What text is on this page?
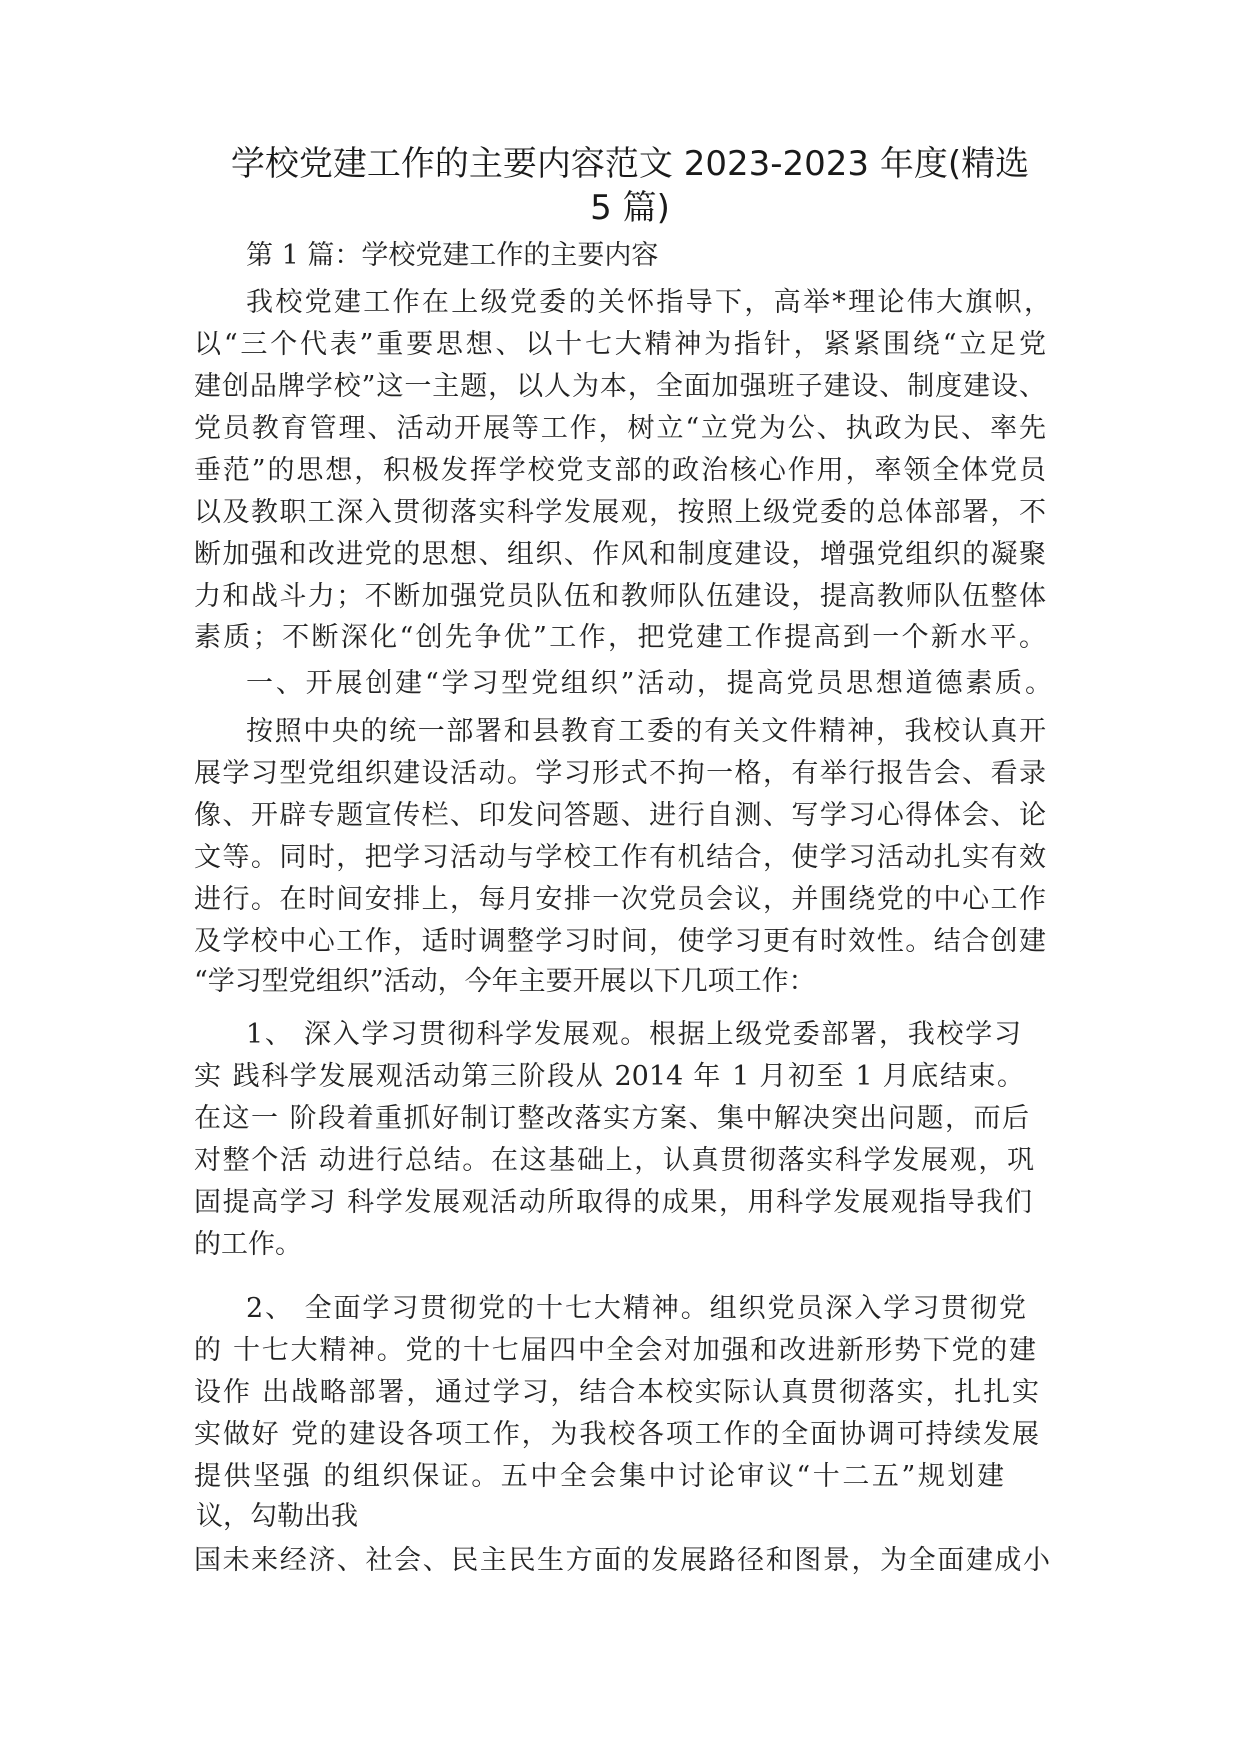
学校党建工作的主要内容范文 2023-2023 年度(精选
5 篇)
第 1 篇：学校党建工作的主要内容
我校党建工作在上级党委的关怀指导下，高举*理论伟大旗帜，
以“三个代表”重要思想、以十七大精神为指针，紧紧围绕“立足党
建创品牌学校”这一主题，以人为本，全面加强班子建设、制度建设、
党员教育管理、活动开展等工作，树立“立党为公、执政为民、率先
垂范”的思想，积极发挥学校党支部的政治核心作用，率领全体党员
以及教职工深入贯彻落实科学发展观，按照上级党委的总体部署，不
断加强和改进党的思想、组织、作风和制度建设，增强党组织的凝聚
力和战斗力；不断加强党员队伍和教师队伍建设，提高教师队伍整体
素质；不断深化“创先争优”工作，把党建工作提高到一个新水平。
一、开展创建“学习型党组织”活动，提高党员思想道德素质。
按照中央的统一部署和县教育工委的有关文件精神，我校认真开
展学习型党组织建设活动。学习形式不拘一格，有举行报告会、看录
像、开辟专题宣传栏、印发问答题、进行自测、写学习心得体会、论
文等。同时，把学习活动与学校工作有机结合，使学习活动扎实有效
进行。在时间安排上，每月安排一次党员会议，并围绕党的中心工作
及学校中心工作，适时调整学习时间，使学习更有时效性。结合创建
“学习型党组织”活动，今年主要开展以下几项工作：
1、 深入学习贯彻科学发展观。根据上级党委部署，我校学习
实 践科学发展观活动第三阶段从 2014 年 1 月初至 1 月底结束。
在这一 阶段着重抓好制订整改落实方案、集中解决突出问题，而后
对整个活 动进行总结。在这基础上，认真贯彻落实科学发展观，巩
固提高学习 科学发展观活动所取得的成果，用科学发展观指导我们
的工作。
2、 全面学习贯彻党的十七大精神。组织党员深入学习贯彻党
的 十七大精神。党的十七届四中全会对加强和改进新形势下党的建
设作 出战略部署，通过学习，结合本校实际认真贯彻落实，扎扎实
实做好 党的建设各项工作，为我校各项工作的全面协调可持续发展
提供坚强 的组织保证。五中全会集中讨论审议“十二五”规划建
议，勾勒出我
国未来经济、社会、民主民生方面的发展路径和图景，为全面建成小
